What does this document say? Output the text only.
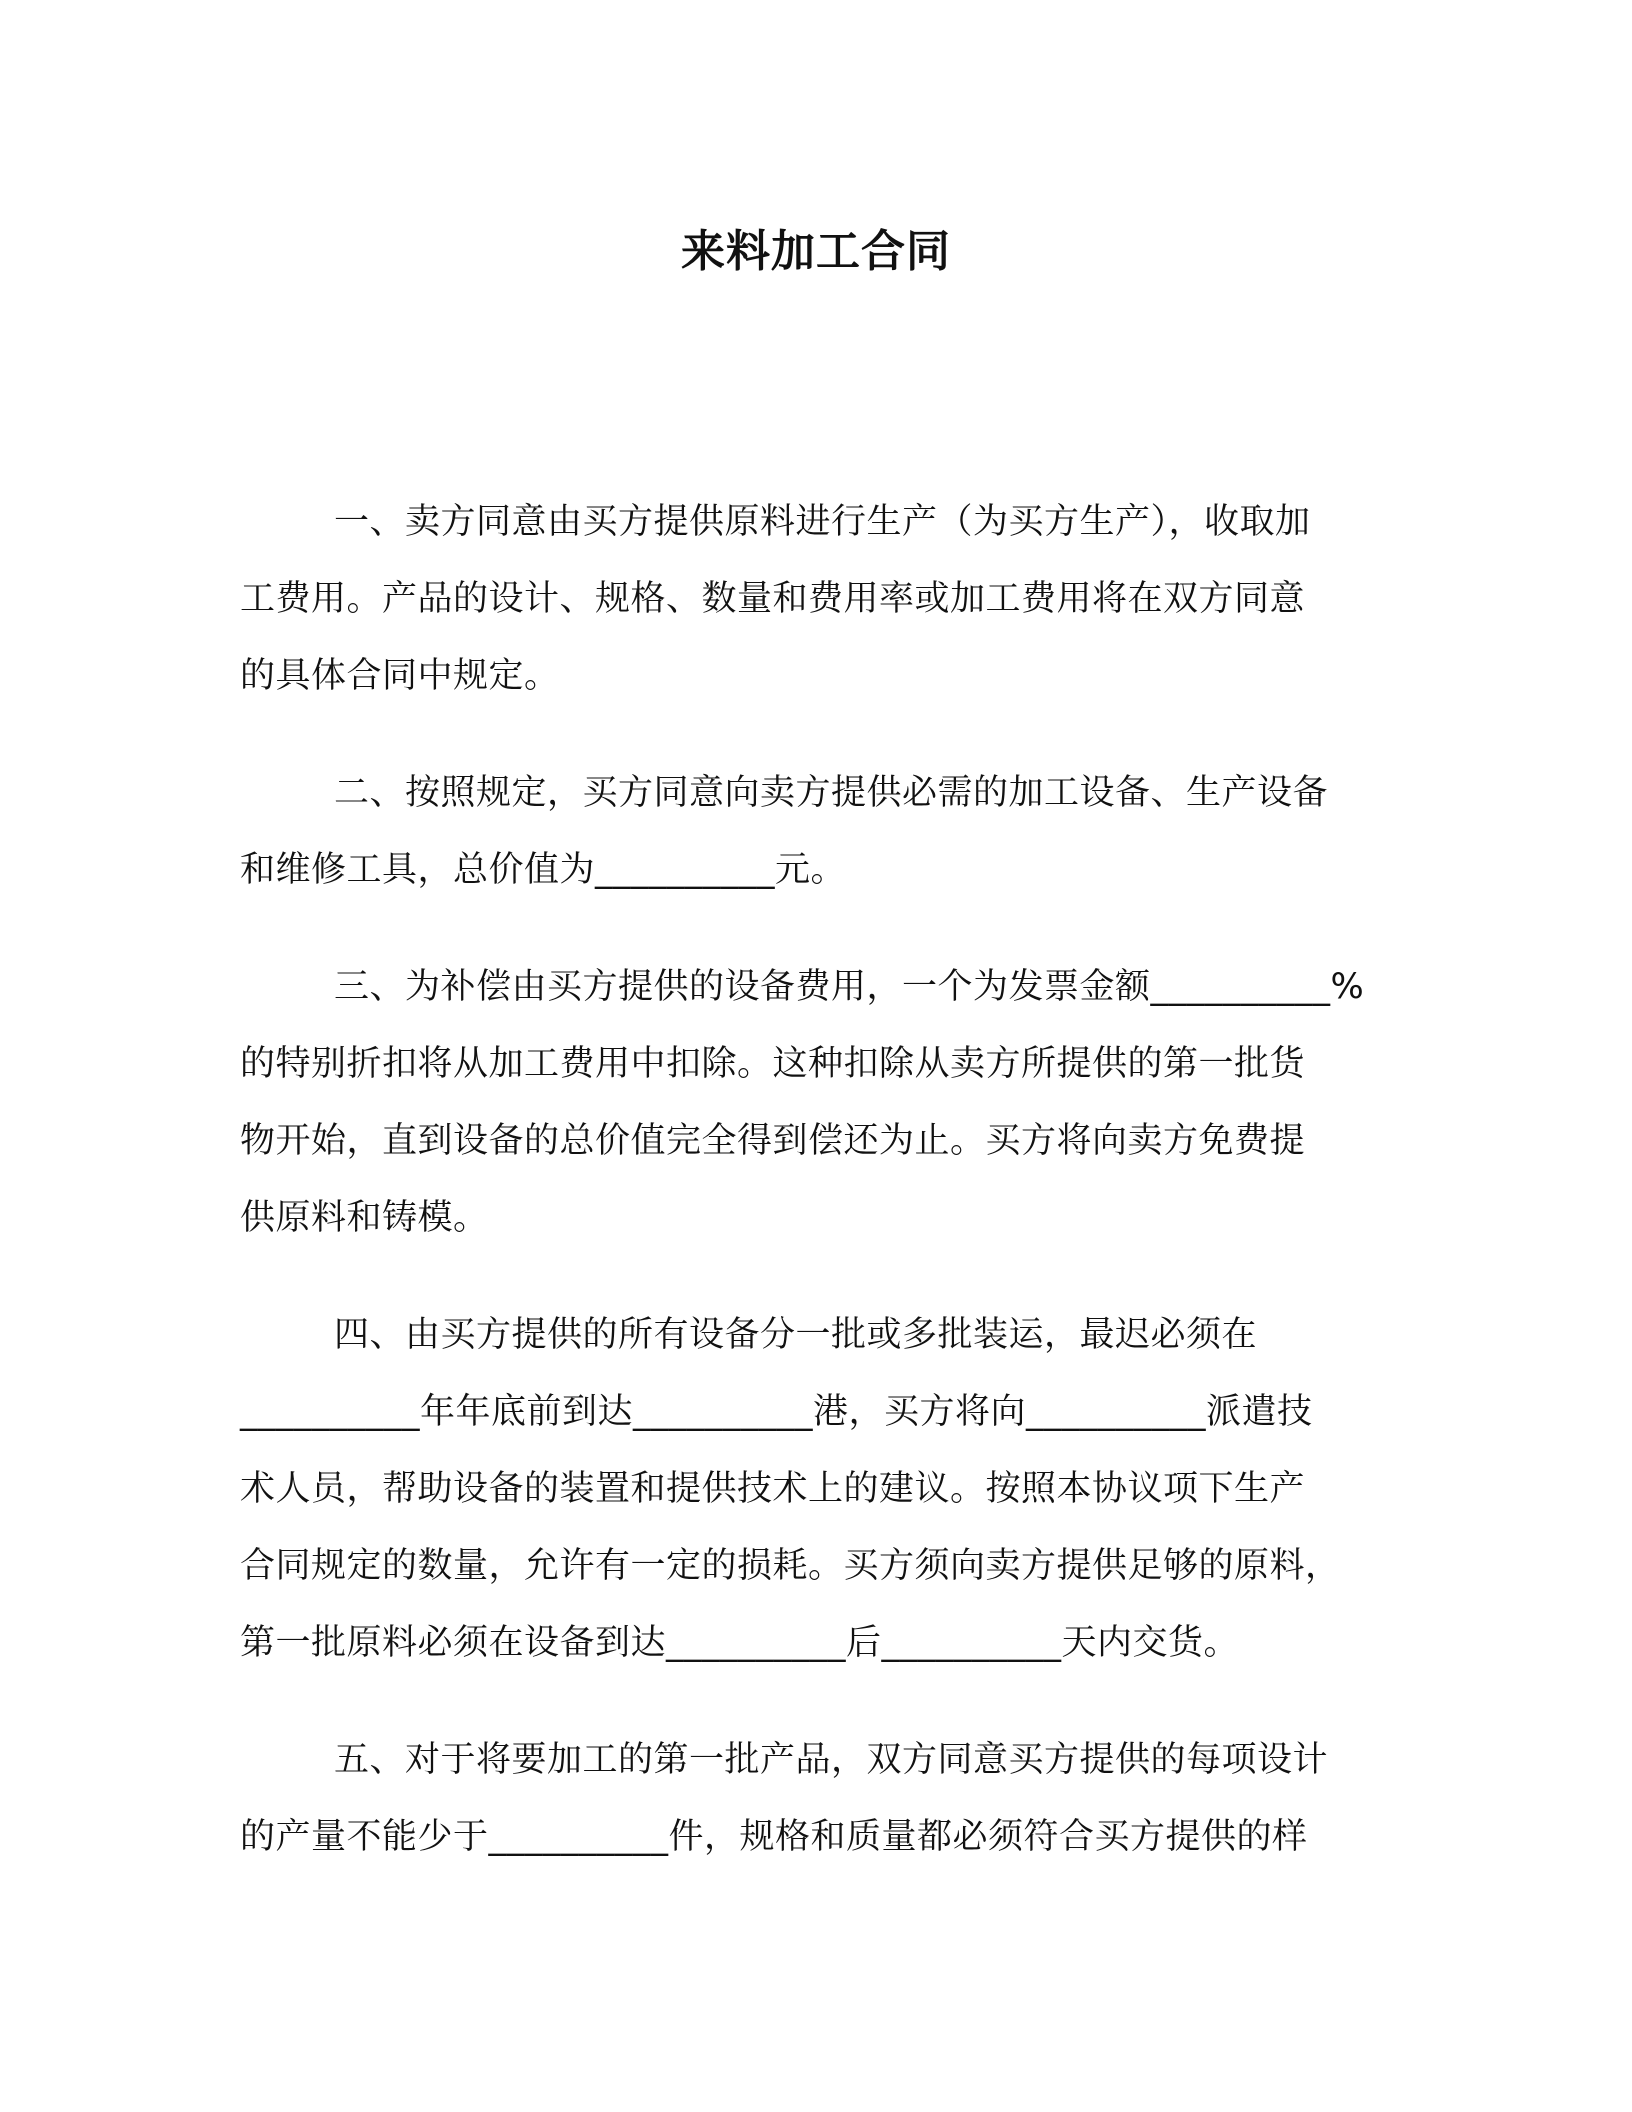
来料加工合同

一、卖方同意由买方提供原料进行生产（为买方生产），收取加
工费用。产品的设计、规格、数量和费用率或加工费用将在双方同意
的具体合同中规定。

二、按照规定，买方同意向卖方提供必需的加工设备、生产设备
和维修工具，总价值为__________元。

三、为补偿由买方提供的设备费用，一个为发票金额__________%
的特别折扣将从加工费用中扣除。这种扣除从卖方所提供的第一批货
物开始，直到设备的总价值完全得到偿还为止。买方将向卖方免费提
供原料和铸模。

四、由买方提供的所有设备分一批或多批装运，最迟必须在
__________年年底前到达__________港，买方将向__________派遣技
术人员，帮助设备的装置和提供技术上的建议。按照本协议项下生产
合同规定的数量，允许有一定的损耗。买方须向卖方提供足够的原料，
第一批原料必须在设备到达__________后__________天内交货。

五、对于将要加工的第一批产品，双方同意买方提供的每项设计
的产量不能少于__________件，规格和质量都必须符合买方提供的样
